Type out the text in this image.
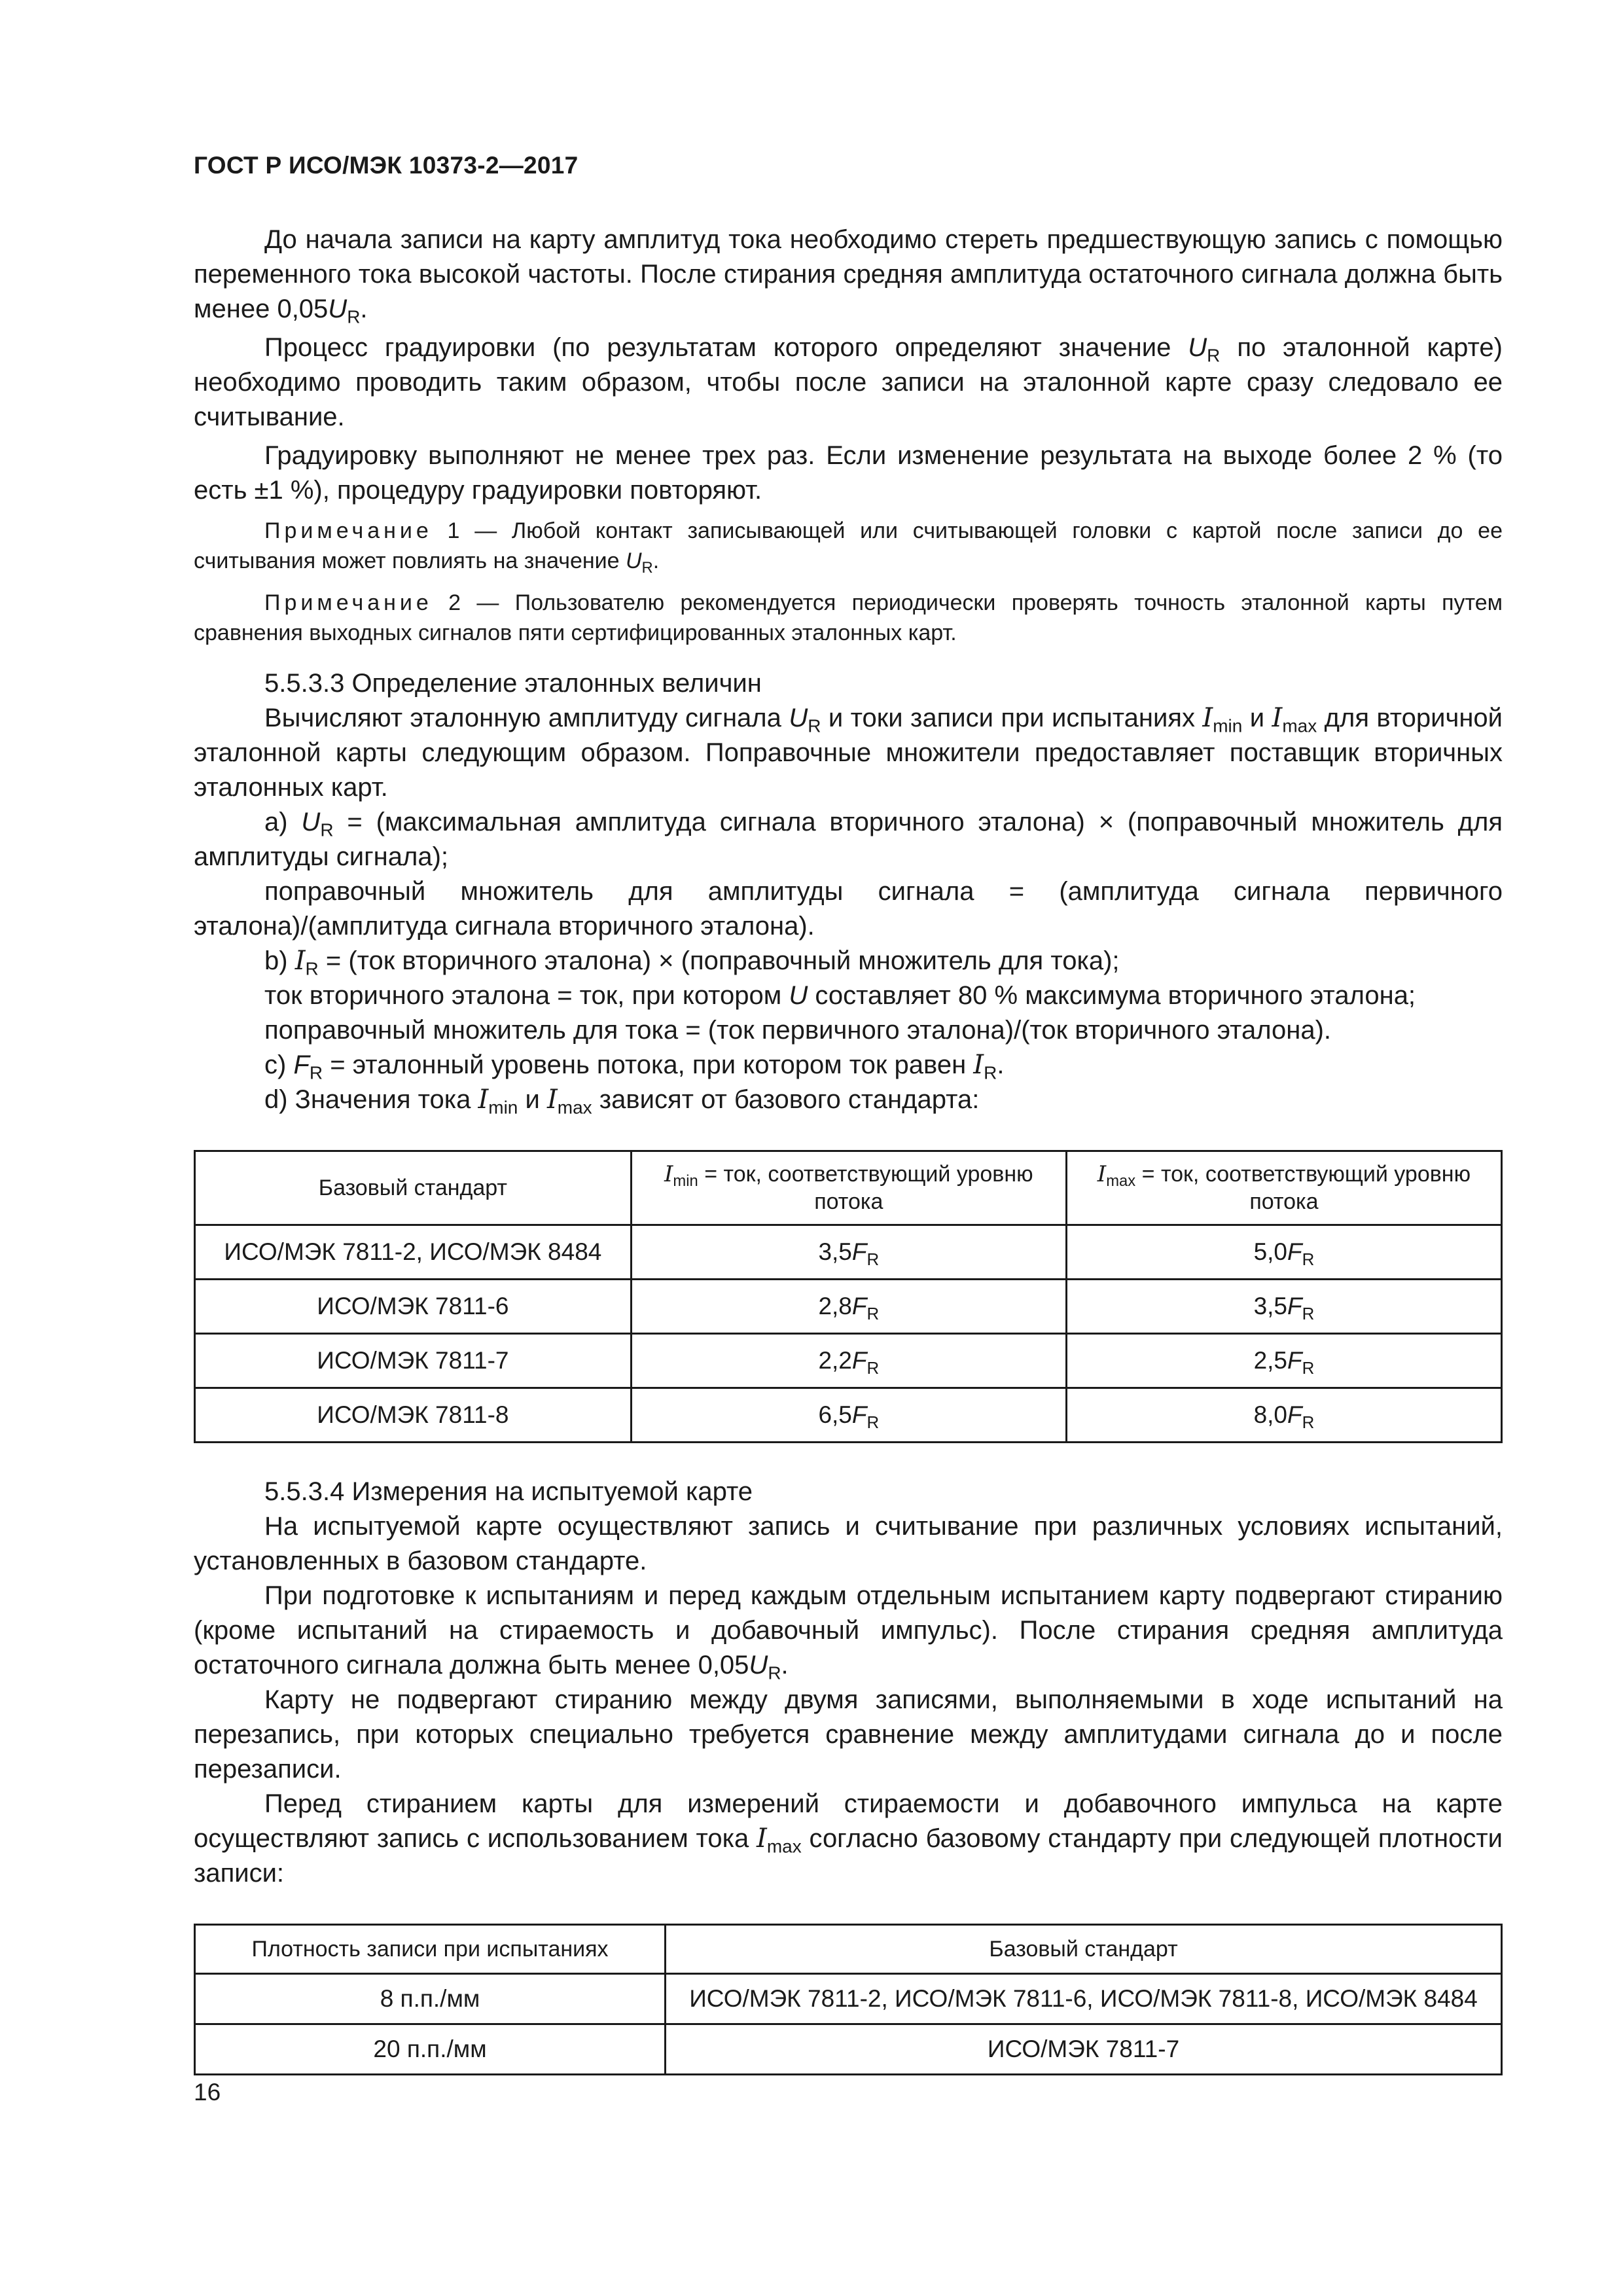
ГОСТ Р ИСО/МЭК 10373-2—2017

До начала записи на карту амплитуд тока необходимо стереть предшествующую запись с помощью переменного тока высокой частоты. После стирания средняя амплитуда остаточного сигнала должна быть менее $0,05U_R$.

Процесс градуировки (по результатам которого определяют значение $U_R$ по эталонной карте) необходимо проводить таким образом, чтобы после записи на эталонной карте сразу следовало ее считывание.

Градуировку выполняют не менее трех раз. Если изменение результата на выходе более 2 % (то есть ±1 %), процедуру градуировки повторяют.

Примечание 1 — Любой контакт записывающей или считывающей головки с картой после записи до ее считывания может повлиять на значение $U_R$.

Примечание 2 — Пользователю рекомендуется периодически проверять точность эталонной карты путем сравнения выходных сигналов пяти сертифицированных эталонных карт.

5.5.3.3 Определение эталонных величин

Вычисляют эталонную амплитуду сигнала $U_R$ и токи записи при испытаниях $I_{min}$ и $I_{max}$ для вторичной эталонной карты следующим образом. Поправочные множители предоставляет поставщик вторичных эталонных карт.

a) $U_R$ = (максимальная амплитуда сигнала вторичного эталона) × (поправочный множитель для амплитуды сигнала);

поправочный множитель для амплитуды сигнала = (амплитуда сигнала первичного эталона)/(амплитуда сигнала вторичного эталона).

b) $I_R = (ток$ вторичного эталона) × (поправочный множитель для тока);

ток вторичного эталона = ток, при котором U составляет 80 % максимума вторичного эталона;

поправочный множитель для тока = (ток первичного эталона)/(ток вторичного эталона).

c) $F_R$ = эталонный уровень потока, при котором ток равен $I_R$.

d) Значения тока $I_{min}$ и $I_{max}$ зависят от базового стандарта:

Базовый стандарт	$I_{min}$ = ток, соответствующий уровню потока	$I_{max}$ = ток, соответствующий уровню потока
ИСО/МЭК 7811-2, ИСО/МЭК 8484	$3,5F_R$	$5,0F_R$
ИСО/МЭК 7811-6	$2,8F_R$	$3,5F_R$
ИСО/МЭК 7811-7	$2,2F_R$	$2,5F_R$
ИСО/МЭК 7811-8	$6,5F_R$	$8,0F_R$

5.5.3.4 Измерения на испытуемой карте

На испытуемой карте осуществляют запись и считывание при различных условиях испытаний, установленных в базовом стандарте.

При подготовке к испытаниям и перед каждым отдельным испытанием карту подвергают стиранию (кроме испытаний на стираемость и добавочный импульс). После стирания средняя амплитуда остаточного сигнала должна быть менее $0,05U_R$.

Карту не подвергают стиранию между двумя записями, выполняемыми в ходе испытаний на перезапись, при которых специально требуется сравнение между амплитудами сигнала до и после перезаписи.

Перед стиранием карты для измерений стираемости и добавочного импульса на карте осуществляют запись с использованием тока $I_{max}$ согласно базовому стандарту при следующей плотности записи:

Плотность записи при испытаниях	Базовый стандарт
8 п.п./мм	ИСО/МЭК 7811-2, ИСО/МЭК 7811-6, ИСО/МЭК 7811-8, ИСО/МЭК 8484
20 п.п./мм	ИСО/МЭК 7811-7
16
